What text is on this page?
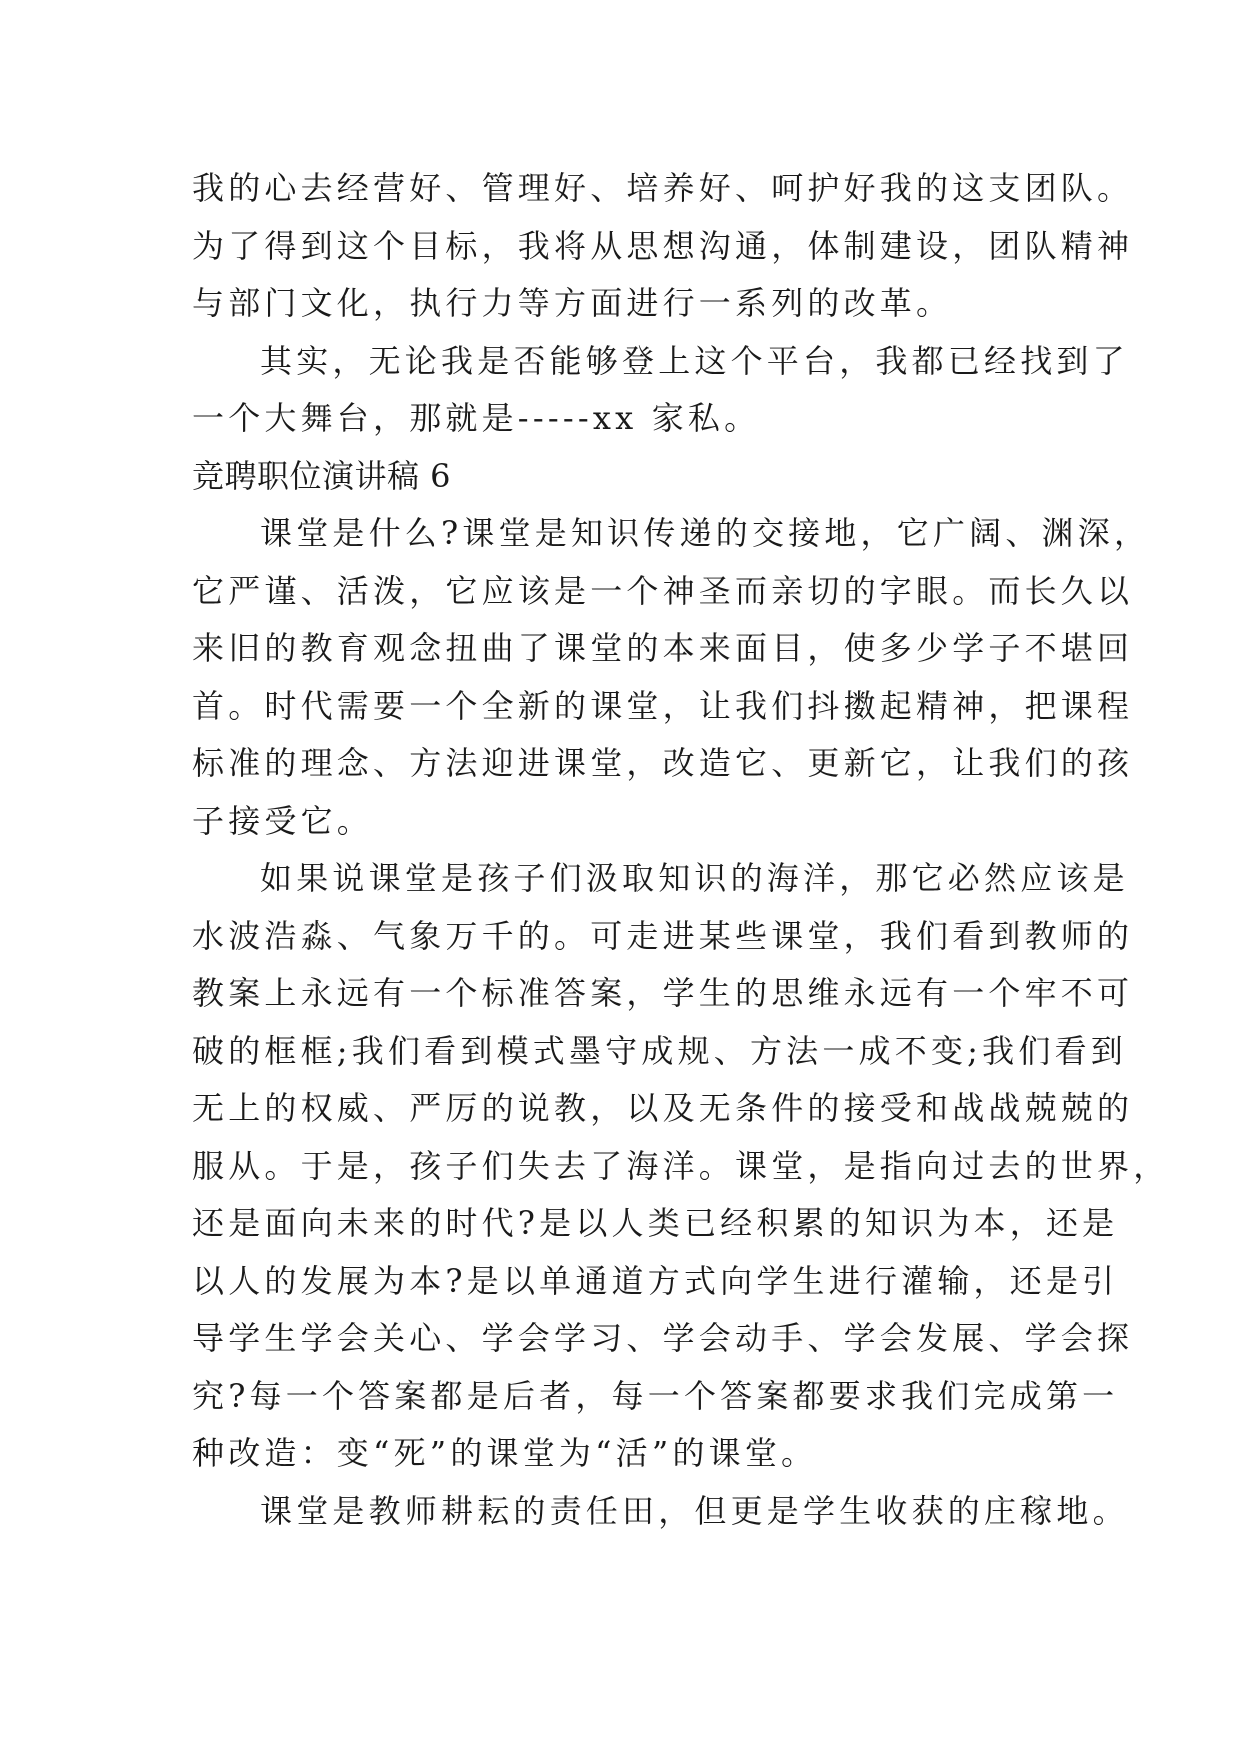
我的心去经营好、管理好、培养好、呵护好我的这支团队。
为了得到这个目标，我将从思想沟通，体制建设，团队精神
与部门文化，执行力等方面进行一系列的改革。
其实，无论我是否能够登上这个平台，我都已经找到了
一个大舞台，那就是-----xx 家私。
竞聘职位演讲稿 6
课堂是什么?课堂是知识传递的交接地，它广阔、渊深，
它严谨、活泼，它应该是一个神圣而亲切的字眼。而长久以
来旧的教育观念扭曲了课堂的本来面目，使多少学子不堪回
首。时代需要一个全新的课堂，让我们抖擞起精神，把课程
标准的理念、方法迎进课堂，改造它、更新它，让我们的孩
子接受它。
如果说课堂是孩子们汲取知识的海洋，那它必然应该是
水波浩淼、气象万千的。可走进某些课堂，我们看到教师的
教案上永远有一个标准答案，学生的思维永远有一个牢不可
破的框框;我们看到模式墨守成规、方法一成不变;我们看到
无上的权威、严厉的说教，以及无条件的接受和战战兢兢的
服从。于是，孩子们失去了海洋。课堂，是指向过去的世界，
还是面向未来的时代?是以人类已经积累的知识为本，还是
以人的发展为本?是以单通道方式向学生进行灌输，还是引
导学生学会关心、学会学习、学会动手、学会发展、学会探
究?每一个答案都是后者，每一个答案都要求我们完成第一
种改造：变“死”的课堂为“活”的课堂。
课堂是教师耕耘的责任田，但更是学生收获的庄稼地。
